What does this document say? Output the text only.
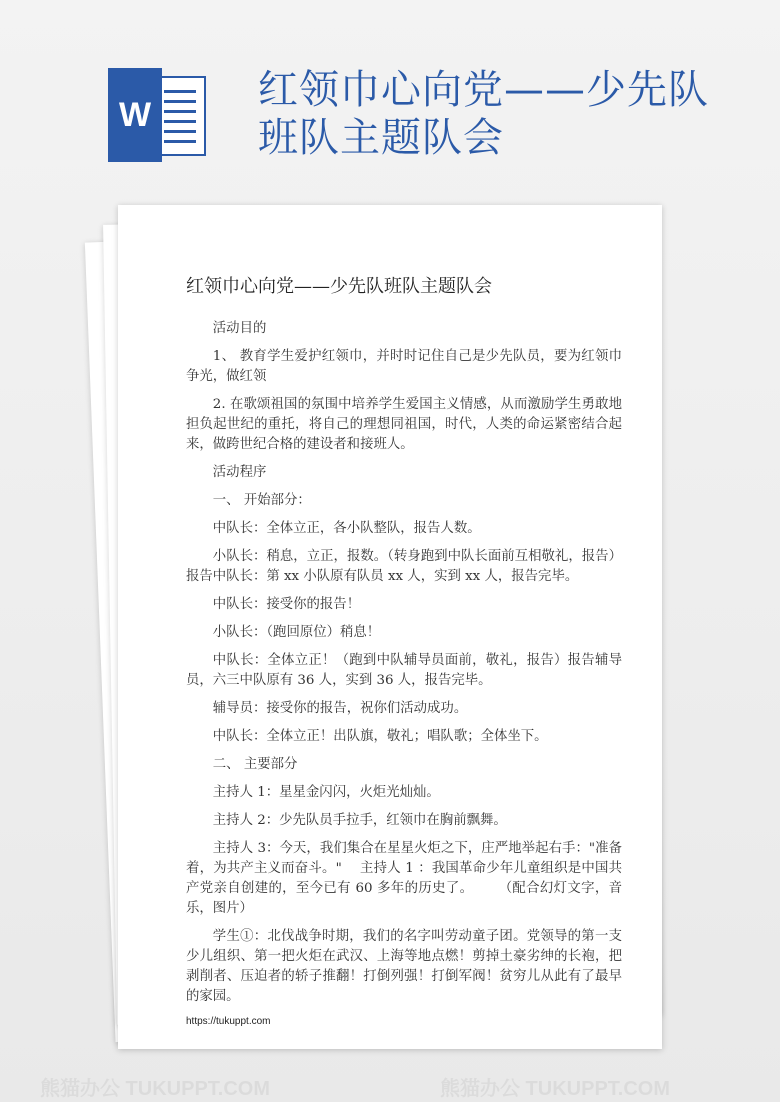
W
红领巾心向党——少先队班队主题队会
红领巾心向党——少先队班队主题队会

活动目的

1、 教育学生爱护红领巾，并时时记住自己是少先队员，要为红领巾争光，做红领

2. 在歌颂祖国的氛围中培养学生爱国主义情感，从而激励学生勇敢地担负起世纪的重托，将自己的理想同祖国，时代，人类的命运紧密结合起来，做跨世纪合格的建设者和接班人。

活动程序

一、 开始部分：

中队长：全体立正，各小队整队，报告人数。

小队长：稍息，立正，报数。（转身跑到中队长面前互相敬礼，报告）报告中队长：第 xx 小队原有队员 xx 人，实到 xx 人，报告完毕。

中队长：接受你的报告！

小队长：（跑回原位）稍息！

中队长：全体立正！（跑到中队辅导员面前，敬礼，报告）报告辅导员，六三中队原有 36 人，实到 36 人，报告完毕。

辅导员：接受你的报告，祝你们活动成功。

中队长：全体立正！出队旗，敬礼；唱队歌；全体坐下。

二、 主要部分

主持人 1：星星金闪闪，火炬光灿灿。

主持人 2：少先队员手拉手，红领巾在胸前飘舞。

主持人 3：今天，我们集合在星星火炬之下，庄严地举起右手："准备着，为共产主义而奋斗。"　 主持人 1 ：我国革命少年儿童组织是中国共产党亲自创建的，至今已有 60 多年的历史了。　　 （配合幻灯文字，音乐，图片）

学生①：北伐战争时期，我们的名字叫劳动童子团。党领导的第一支少儿组织、第一把火炬在武汉、上海等地点燃！剪掉土豪劣绅的长袍，把剥削者、压迫者的轿子推翻！打倒列强！打倒军阀！贫穷儿从此有了最早的家园。

https://tukuppt.com
熊猫办公 TUKUPPT.COM	熊猫办公 TUKUPPT.COM
